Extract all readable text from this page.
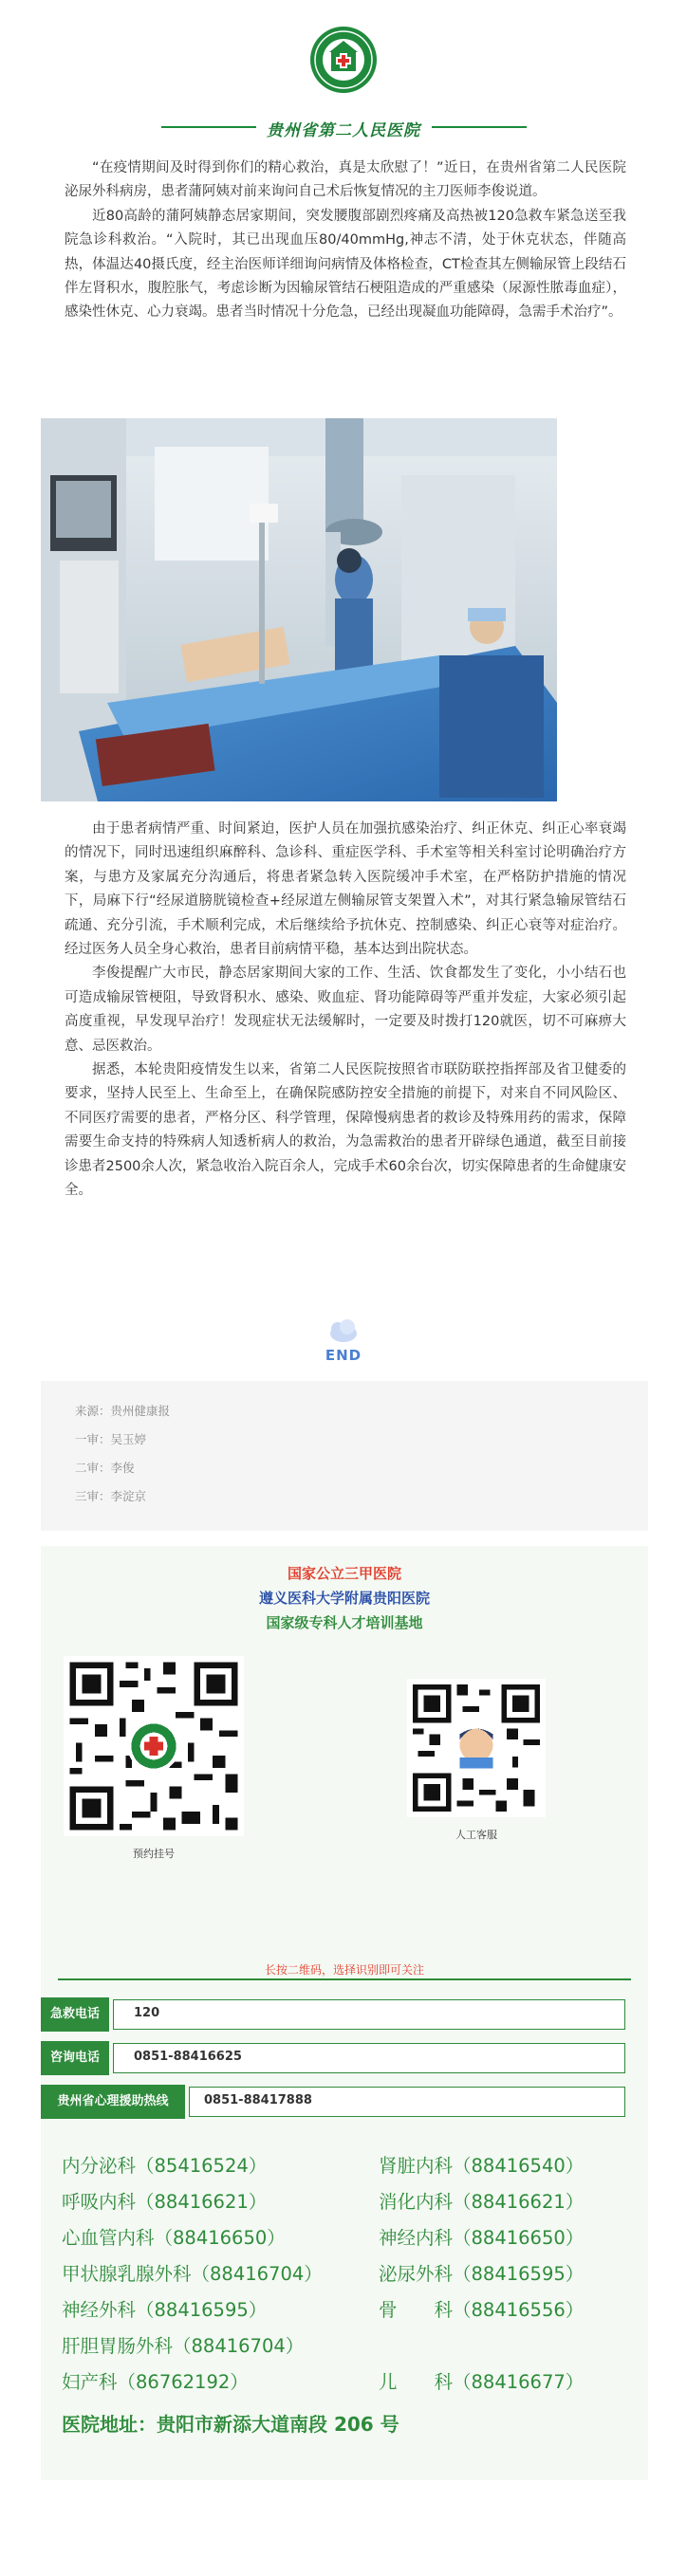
贵州省第二人民医院

“在疫情期间及时得到你们的精心救治，真是太欣慰了！”近日，在贵州省第二人民医院泌尿外科病房，患者蒲阿姨对前来询问自己术后恢复情况的主刀医师李俊说道。

近80高龄的蒲阿姨静态居家期间，突发腰腹部剧烈疼痛及高热被120急救车紧急送至我院急诊科救治。“入院时，其已出现血压80/40mmHg,神志不清，处于休克状态，伴随高热，体温达40摄氏度，经主治医师详细询问病情及体格检查，CT检查其左侧输尿管上段结石伴左肾积水，腹腔胀气，考虑诊断为因输尿管结石梗阻造成的严重感染（尿源性脓毒血症），感染性休克、心力衰竭。患者当时情况十分危急，已经出现凝血功能障碍，急需手术治疗”。

由于患者病情严重、时间紧迫，医护人员在加强抗感染治疗、纠正休克、纠正心率衰竭的情况下，同时迅速组织麻醉科、急诊科、重症医学科、手术室等相关科室讨论明确治疗方案，与患方及家属充分沟通后，将患者紧急转入医院缓冲手术室，在严格防护措施的情况下，局麻下行“经尿道膀胱镜检查+经尿道左侧输尿管支架置入术”，对其行紧急输尿管结石疏通、充分引流，手术顺利完成，术后继续给予抗休克、控制感染、纠正心衰等对症治疗。经过医务人员全身心救治，患者目前病情平稳，基本达到出院状态。

李俊提醒广大市民，静态居家期间大家的工作、生活、饮食都发生了变化，小小结石也可造成输尿管梗阻，导致肾积水、感染、败血症、肾功能障碍等严重并发症，大家必须引起高度重视，早发现早治疗！发现症状无法缓解时，一定要及时拨打120就医，切不可麻痹大意、忌医救治。

据悉，本轮贵阳疫情发生以来，省第二人民医院按照省市联防联控指挥部及省卫健委的要求，坚持人民至上、生命至上，在确保院感防控安全措施的前提下，对来自不同风险区、不同医疗需要的患者，严格分区、科学管理，保障慢病患者的救诊及特殊用药的需求，保障需要生命支持的特殊病人知透析病人的救治，为急需救治的患者开辟绿色通道，截至目前接诊患者2500余人次，紧急收治入院百余人，完成手术60余台次，切实保障患者的生命健康安全。

END
来源：贵州健康报
一审：吴玉婷
二审：李俊
三审：李淀京
国家公立三甲医院
遵义医科大学附属贵阳医院
国家级专科人才培训基地
预约挂号
人工客服
长按二维码，选择识别即可关注
急救电话	120
咨询电话	0851-88416625
贵州省心理援助热线	0851-88417888
内分泌科（85416524）	肾脏内科（88416540）
呼吸内科（88416621）	消化内科（88416621）
心血管内科（88416650）	神经内科（88416650）
甲状腺乳腺外科（88416704）	泌尿外科（88416595）
神经外科（88416595）	骨　　科（88416556）
肝胆胃肠外科（88416704）
妇产科（86762192）	儿　　科（88416677）
医院地址：贵阳市新添大道南段 206 号
